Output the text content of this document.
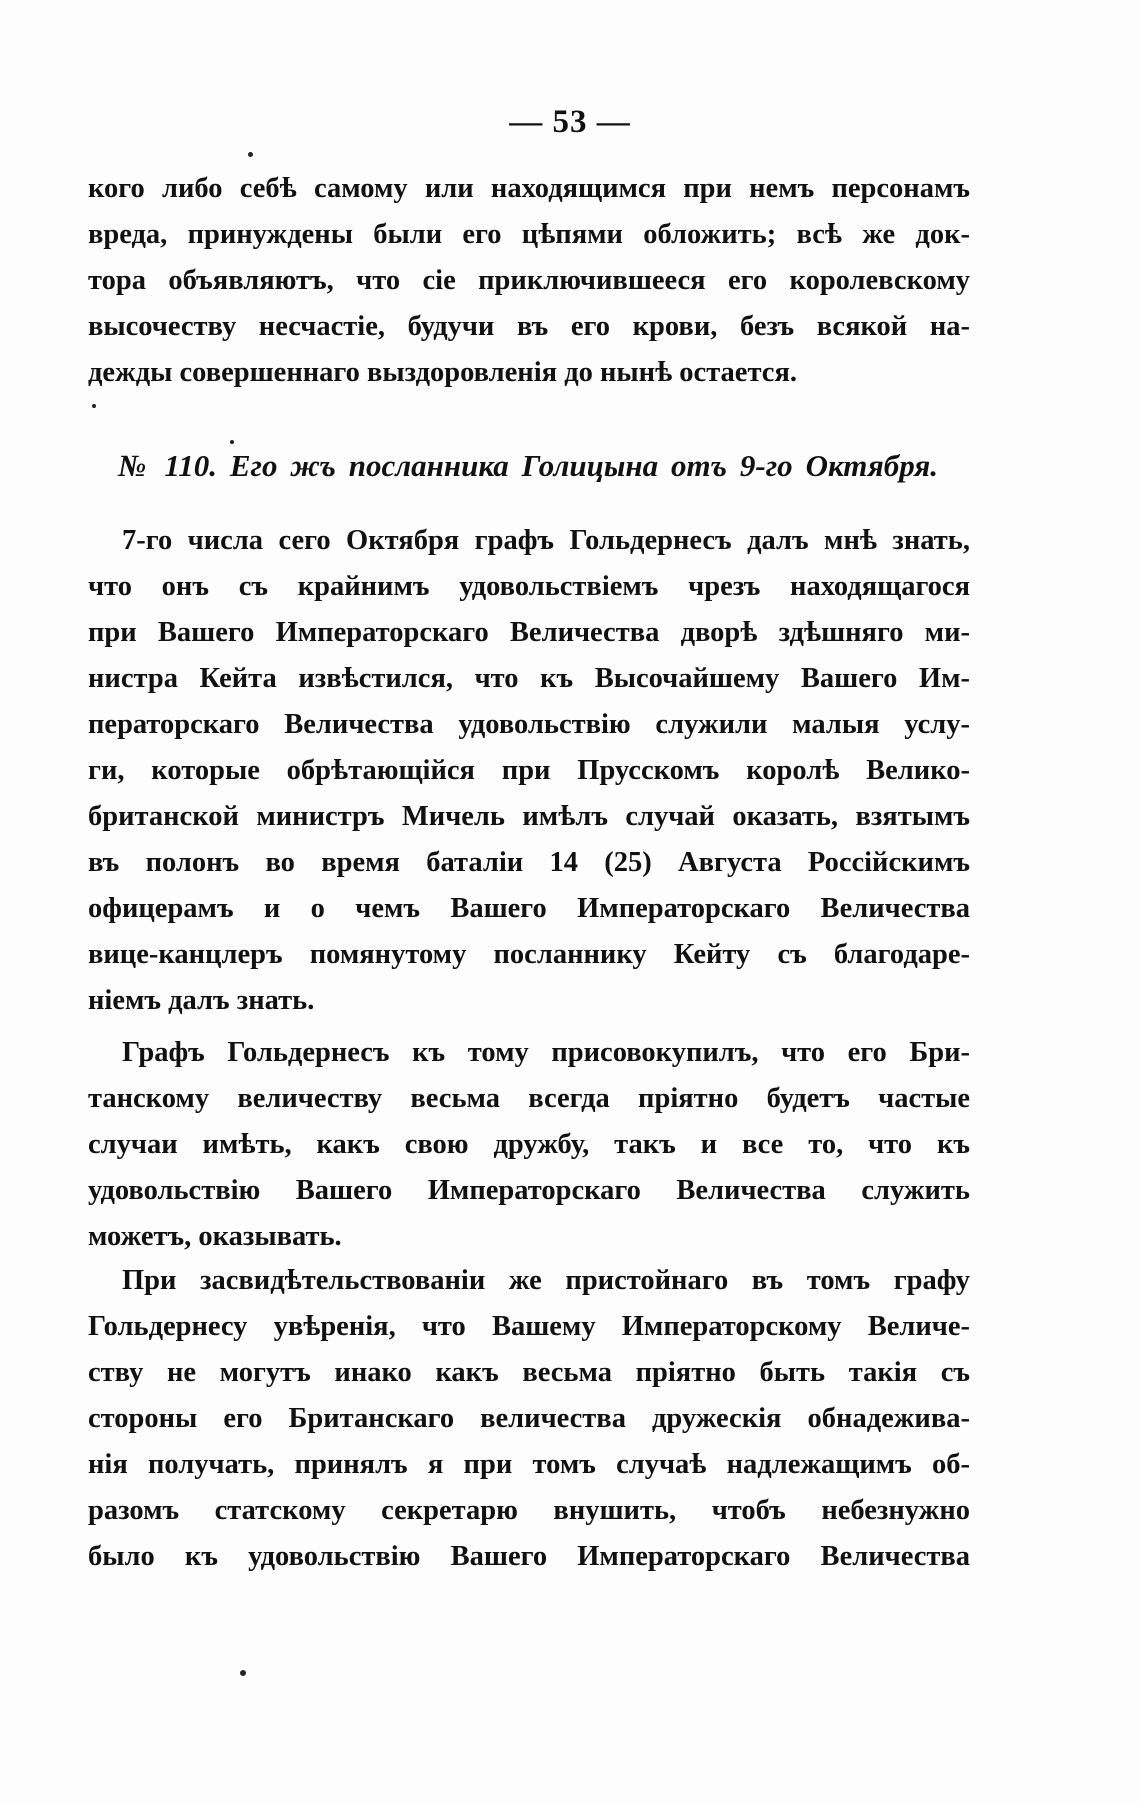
— 53 —
кого либо себѣ самому или находящимся при немъ персонамъ
вреда, принуждены были его цѣпями обложить; всѣ же док-
тора объявляютъ, что сіе приключившееся его королевскому
высочеству несчастіе, будучи въ его крови, безъ всякой на-
дежды совершеннаго выздоровленія до нынѣ остается.
№ 110. Его жъ посланника Голицына отъ 9-го Октября.
7-го числа сего Октября графъ Гольдернесъ далъ мнѣ знать,
что онъ съ крайнимъ удовольствіемъ чрезъ находящагося
при Вашего Императорскаго Величества дворѣ здѣшняго ми-
нистра Кейта извѣстился, что къ Высочайшему Вашего Им-
ператорскаго Величества удовольствію служили малыя услу-
ги, которые обрѣтающійся при Прусскомъ королѣ Велико-
британской министръ Мичель имѣлъ случай оказать, взятымъ
въ полонъ во время баталіи 14 (25) Августа Россійскимъ
офицерамъ и о чемъ Вашего Императорскаго Величества
вице-канцлеръ помянутому посланнику Кейту съ благодаре-
ніемъ далъ знать.
Графъ Гольдернесъ къ тому присовокупилъ, что его Бри-
танскому величеству весьма всегда пріятно будетъ частые
случаи имѣть, какъ свою дружбу, такъ и все то, что къ
удовольствію Вашего Императорскаго Величества служить
можетъ, оказывать.
При засвидѣтельствованіи же пристойнаго въ томъ графу
Гольдернесу увѣренія, что Вашему Императорскому Величе-
ству не могутъ инако какъ весьма пріятно быть такія съ
стороны его Британскаго величества дружескія обнадежива-
нія получать, принялъ я при томъ случаѣ надлежащимъ об-
разомъ статскому секретарю внушить, чтобъ небезнужно
было къ удовольствію Вашего Императорскаго Величества
